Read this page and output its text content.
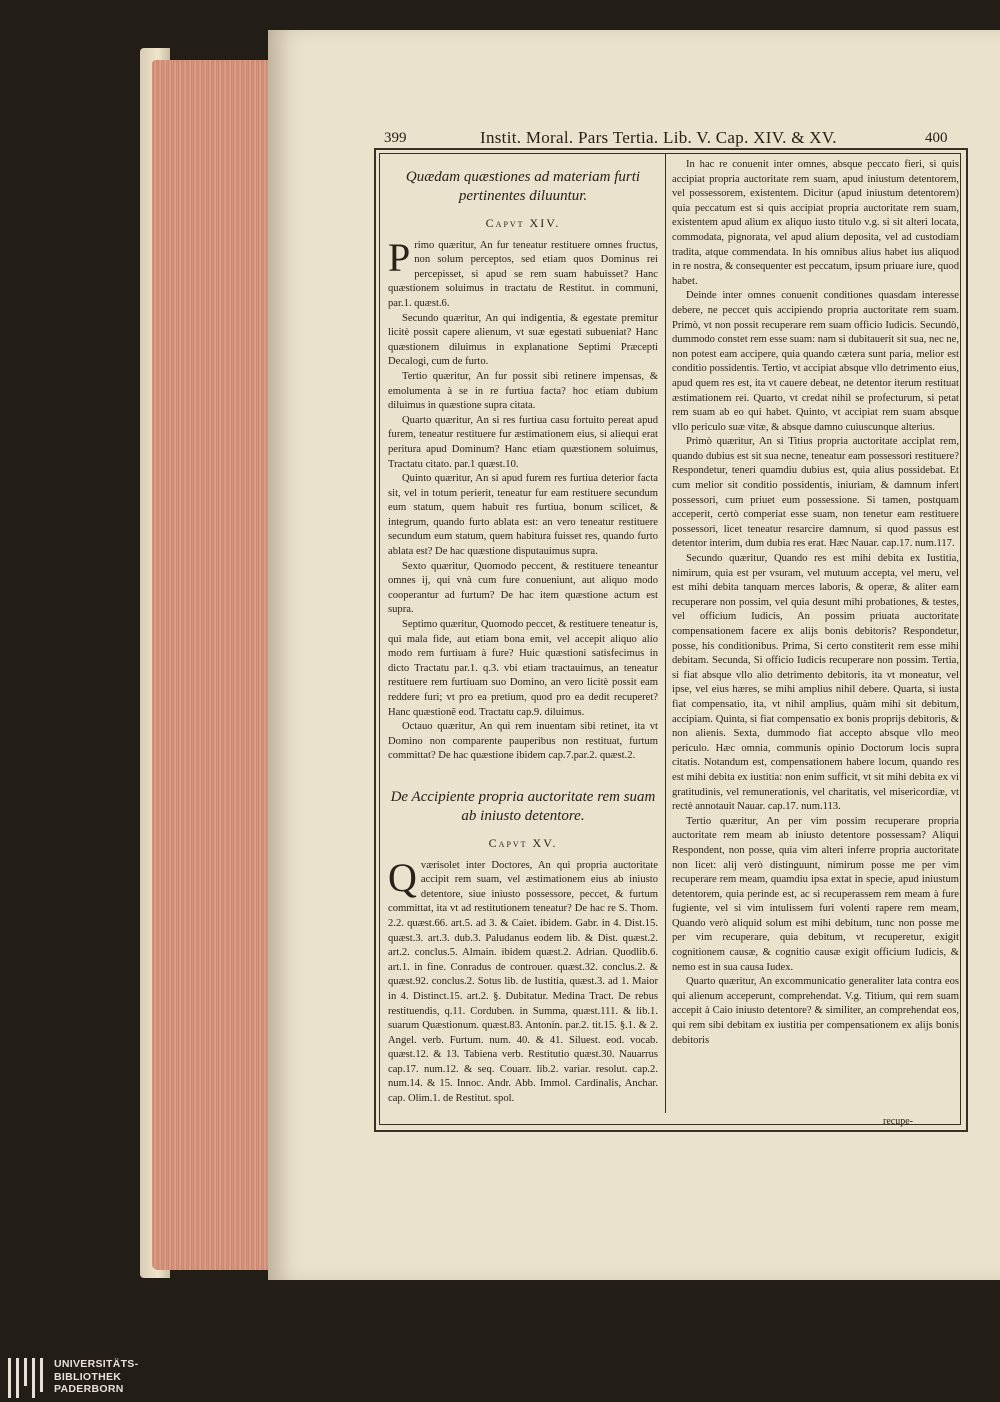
399	Instit. Moral. Pars Tertia. Lib. V. Cap. XIV. & XV.	400
Quædam quæstiones ad materiam furti pertinentes diluuntur.
Capvt XIV.

Primo quæritur, An fur teneatur restituere omnes fructus, non solum perceptos, sed etiam quos Dominus rei percepisset, si apud se rem suam habuisset? Hanc quæstionem soluimus in tractatu de Restitut. in communi, par.1. quæst.6.

Secundo quæritur, An qui indigentia, & egestate premitur licitè possit capere alienum, vt suæ egestati subueniat? Hanc quæstionem diluimus in explanatione Septimi Præcepti Decalogi, cum de furto.

Tertio quæritur, An fur possit sibi retinere impensas, & emolumenta à se in re furtiua facta? hoc etiam dubium diluimus in quæstione supra citata.

Quarto quæritur, An si res furtiua casu fortuito pereat apud furem, teneatur restituere fur æstimationem eius, si aliequi erat peritura apud Dominum? Hanc etiam quæstionem soluimus, Tractatu citato. par.1 quæst.10.

Quinto quæritur, An si apud furem res furtiua deterior facta sit, vel in totum perierit, teneatur fur eam restituere secundum eum statum, quem habuit res furtiua, bonum scilicet, & integrum, quando furto ablata est: an vero teneatur restituere secundum eum statum, quem habitura fuisset res, quando furto ablata est? De hac quæstione disputauimus supra.

Sexto quæritur, Quomodo peccent, & restituere teneantur omnes ij, qui vnà cum fure conueniunt, aut aliquo modo cooperantur ad furtum? De hac item quæstione actum est supra.

Septimo quæritur, Quomodo peccet, & restituere teneatur is, qui mala fide, aut etiam bona emit, vel accepit aliquo alio modo rem furtiuam à fure? Huic quæstioni satisfecimus in dicto Tractatu par.1. q.3. vbi etiam tractauimus, an teneatur restituere rem furtiuam suo Domino, an vero licitè possit eam reddere furi; vt pro ea pretium, quod pro ea dedit recuperet? Hanc quæstionẽ eod. Tractatu cap.9. diluimus.

Octauo quæritur, An qui rem inuentam sibi retinet, ita vt Domino non comparente pauperibus non restituat, furtum committat? De hac quæstione ibidem cap.7.par.2. quæst.2.

De Accipiente propria auctoritate rem suam ab iniusto detentore.
Capvt XV.

Qværisolet inter Doctores, An qui propria auctoritate accipit rem suam, vel æstimationem eius ab iniusto detentore, siue iniusto possessore, peccet, & furtum committat, ita vt ad restitutionem teneatur? De hac re S. Thom. 2.2. quæst.66. art.5. ad 3. & Caiet. ibidem. Gabr. in 4. Dist.15. quæst.3. art.3. dub.3. Paludanus eodem lib. & Dist. quæst.2. art.2. conclus.5. Almain. ibidem quæst.2. Adrian. Quodlib.6. art.1. in fine. Conradus de controuer. quæst.32. conclus.2. & quæst.92. conclus.2. Sotus lib. de Iustitia, quæst.3. ad 1. Maior in 4. Distinct.15. art.2. §. Dubitatur. Medina Tract. De rebus restituendis, q.11. Corduben. in Summa, quæst.111. & lib.1. suarum Quæstionum. quæst.83. Antonin. par.2. tit.15. §.1. & 2. Angel. verb. Furtum. num. 40. & 41. Siluest. eod. vocab. quæst.12. & 13. Tabiena verb. Restitutio quæst.30. Nauarrus cap.17. num.12. & seq. Couarr. lib.2. variar. resolut. cap.2. num.14. & 15. Innoc. Andr. Abb. Immol. Cardinalis, Anchar. cap. Olim.1. de Restitut. spol.

In hac re conuenit inter omnes, absque peccato fieri, si quis accipiat propria auctoritate rem suam, apud iniustum detentorem, vel possessorem, existentem. Dicitur (apud iniustum detentorem) quia peccatum est si quis accipiat propria auctoritate rem suam, existentem apud alium ex aliquo iusto titulo v.g. si sit alteri locata, commodata, pignorata, vel apud alium deposita, vel ad custodiam tradita, atque commendata. In his omnibus alius habet ius aliquod in re nostra, & consequenter est peccatum, ipsum priuare iure, quod habet.

Deinde inter omnes conuenit conditiones quasdam interesse debere, ne peccet quis accipiendo propria auctoritate rem suam. Primò, vt non possit recuperare rem suam officio Iudicis. Secundò, dummodo constet rem esse suam: nam si dubitauerit sit sua, nec ne, non potest eam accipere, quia quando cætera sunt paria, melior est conditio possidentis. Tertio, vt accipiat absque vllo detrimento eius, apud quem res est, ita vt cauere debeat, ne detentor iterum restituat æstimationem rei. Quarto, vt credat nihil se profecturum, si petat rem suam ab eo qui habet. Quinto, vt accipiat rem suam absque vllo periculo suæ vitæ, & absque damno cuiuscunque alterius.

Primò quæritur, An si Titius propria auctoritate acciplat rem, quando dubius est sit sua necne, teneatur eam possessori restituere? Respondetur, teneri quamdiu dubius est, quia alius possidebat. Et cum melior sit conditio possidentis, iniuriam, & damnum infert possessori, cum priuet eum possessione. Si tamen, postquam acceperit, certò comperiat esse suam, non tenetur eam restituere possessori, licet teneatur resarcire damnum, si quod passus est detentor interim, dum dubia res erat. Hæc Nauar. cap.17. num.117.

Secundo quæritur, Quando res est mihi debita ex Iustitia, nimirum, quia est per vsuram, vel mutuum accepta, vel meru, vel est mihi debita tanquam merces laboris, & operæ, & aliter eam recuperare non possim, vel quia desunt mihi probationes, & testes, vel officium Iudicis, An possim priuata auctoritate compensationem facere ex alijs bonis debitoris? Respondetur, posse, his conditionibus. Prima, Si certo constiterit rem esse mihi debitam. Secunda, Si officio Iudicis recuperare non possim. Tertia, si fiat absque vllo alio detrimento debitoris, ita vt moneatur, vel ipse, vel eius hæres, se mihi amplius nihil debere. Quarta, si iusta fiat compensatio, ita, vt nihil amplius, quàm mihi sit debitum, accipiam. Quinta, si fiat compensatio ex bonis proprijs debitoris, & non alienis. Sexta, dummodo fiat accepto absque vllo meo periculo. Hæc omnia, communis opinio Doctorum locis supra citatis. Notandum est, compensationem habere locum, quando res est mihi debita ex iustitia: non enim sufficit, vt sit mihi debita ex vi gratitudinis, vel remunerationis, vel charitatis, vel misericordiæ, vt rectè annotauit Nauar. cap.17. num.113.

Tertio quæritur, An per vim possim recuperare propria auctoritate rem meam ab iniusto detentore possessam? Aliqui Respondent, non posse, quia vim alteri inferre propria auctoritate non licet: alij verò distinguunt, nimirum posse me per vim recuperare rem meam, quamdiu ipsa extat in specie, apud iniustum detentorem, quia perinde est, ac si recuperassem rem meam à fure fugiente, vel si vim intulissem furi volenti rapere rem meam, Quando verò aliquid solum est mihi debitum, tunc non posse me per vim recuperare, quia debitum, vt recuperetur, exigit cognitionem causæ, & cognitio causæ exigit officium Iudicis, & nemo est in sua causa Iudex.

Quarto quæritur, An excommunicatio generaliter lata contra eos qui alienum acceperunt, comprehendat. V.g. Titium, qui rem suam accepit à Caio iniusto detentore? & similiter, an comprehendat eos, qui rem sibi debitam ex iustitia per compensationem ex alijs bonis debitoris

recupe-
UNIVERSITÄTS-
BIBLIOTHEK
PADERBORN
